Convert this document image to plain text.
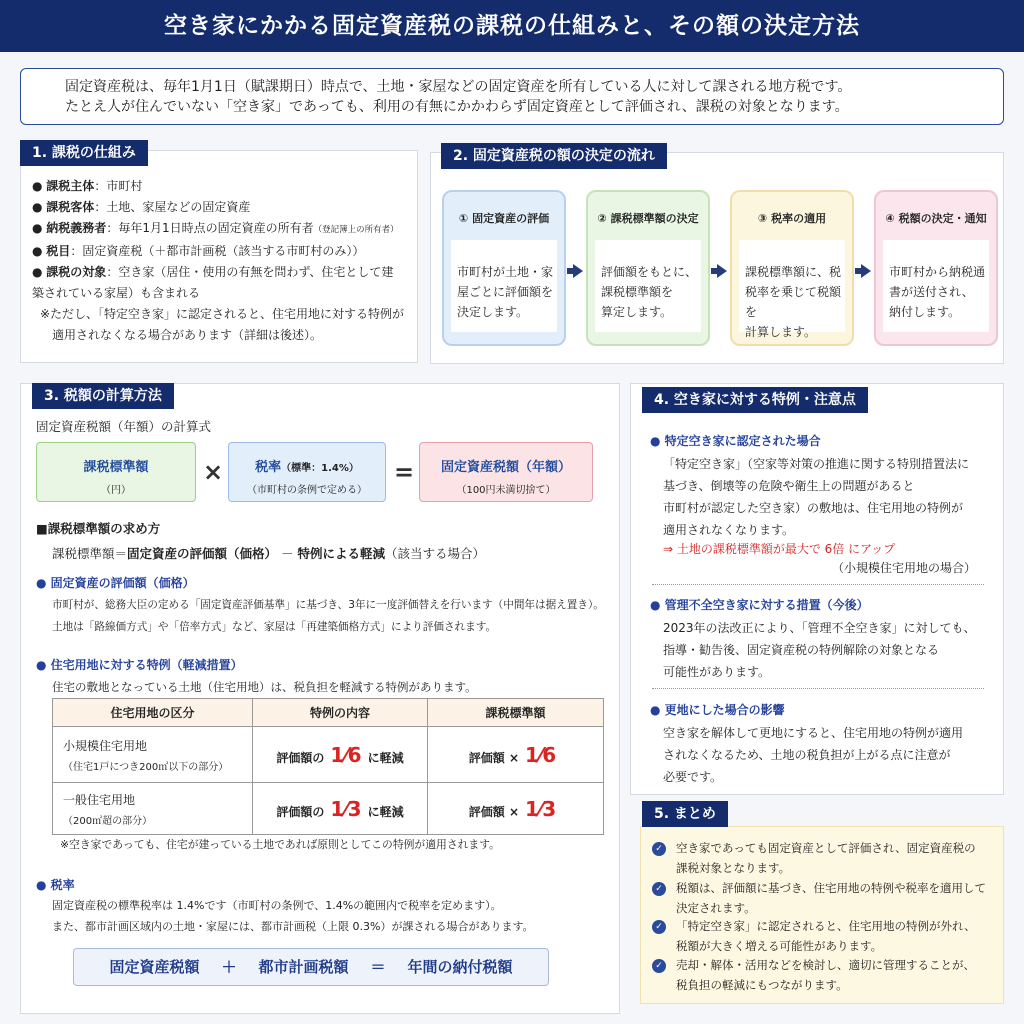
空き家にかかる固定資産税の課税の仕組みと、その額の決定方法
固定資産税は、毎年1月1日（賦課期日）時点で、土地・家屋などの固定資産を所有している人に対して課される地方税です。
たとえ人が住んでいない「空き家」であっても、利用の有無にかかわらず固定資産として評価され、課税の対象となります。
1. 課税の仕組み
● 課税主体：市町村
● 課税客体：土地、家屋などの固定資産
● 納税義務者：毎年1月1日時点の固定資産の所有者（登記簿上の所有者）
● 税目：固定資産税（＋都市計画税（該当する市町村のみ））
● 課税の対象：空き家（居住・使用の有無を問わず、住宅として建
築されている家屋）も含まれる
※ただし、「特定空き家」に認定されると、住宅用地に対する特例が
適用されなくなる場合があります（詳細は後述）。
2. 固定資産税の額の決定の流れ
① 固定資産の評価
市町村が土地・家
屋ごとに評価額を
決定します。
② 課税標準額の決定
評価額をもとに、
課税標準額を
算定します。
③ 税率の適用
課税標準額に、税
税率を乗じて税額を
計算します。
④ 税額の決定・通知
市町村から納税通
書が送付され、
納付します。
3. 税額の計算方法
固定資産税額（年額）の計算式
課税標準額
（円）
×	税率（標準：1.4%）
（市町村の条例で定める）
=	固定資産税額（年額）
（100円未満切捨て）
■課税標準額の求め方
課税標準額＝固定資産の評価額（価格） － 特例による軽減（該当する場合）
● 固定資産の評価額（価格）
市町村が、総務大臣の定める「固定資産評価基準」に基づき、3年に一度評価替えを行います（中間年は据え置き）。
土地は「路線価方式」や「倍率方式」など、家屋は「再建築価格方式」により評価されます。
● 住宅用地に対する特例（軽減措置）
住宅の敷地となっている土地（住宅用地）は、税負担を軽減する特例があります。
住宅用地の区分	特例の内容	課税標準額

小規模住宅用地
（住宅1戸につき200㎡以下の部分）	評価額の 1⁄6 に軽減	評価額 × 1⁄6

一般住宅用地
（200㎡超の部分）	評価額の 1⁄3 に軽減	評価額 × 1⁄3
※空き家であっても、住宅が建っている土地であれば原則としてこの特例が適用されます。
● 税率
固定資産税の標準税率は 1.4%です（市町村の条例で、1.4%の範囲内で税率を定めます）。
また、都市計画区域内の土地・家屋には、都市計画税（上限 0.3%）が課される場合があります。
固定資産税額 ＋ 都市計画税額 ＝ 年間の納付税額
4. 空き家に対する特例・注意点
● 特定空き家に認定された場合
「特定空き家」（空家等対策の推進に関する特別措置法に
基づき、倒壊等の危険や衛生上の問題があると
市町村が認定した空き家）の敷地は、住宅用地の特例が
適用されなくなります。
⇒ 土地の課税標準額が最大で 6倍 にアップ
（小規模住宅用地の場合）
● 管理不全空き家に対する措置（今後）
2023年の法改正により、「管理不全空き家」に対しても、
指導・勧告後、固定資産税の特例解除の対象となる
可能性があります。
● 更地にした場合の影響
空き家を解体して更地にすると、住宅用地の特例が適用
されなくなるため、土地の税負担が上がる点に注意が
必要です。
5. まとめ
✓ 空き家であっても固定資産として評価され、固定資産税の
課税対象となります。
✓ 税額は、評価額に基づき、住宅用地の特例や税率を適用して
決定されます。
✓ 「特定空き家」に認定されると、住宅用地の特例が外れ、
税額が大きく増える可能性があります。
✓ 売却・解体・活用などを検討し、適切に管理することが、
税負担の軽減にもつながります。
